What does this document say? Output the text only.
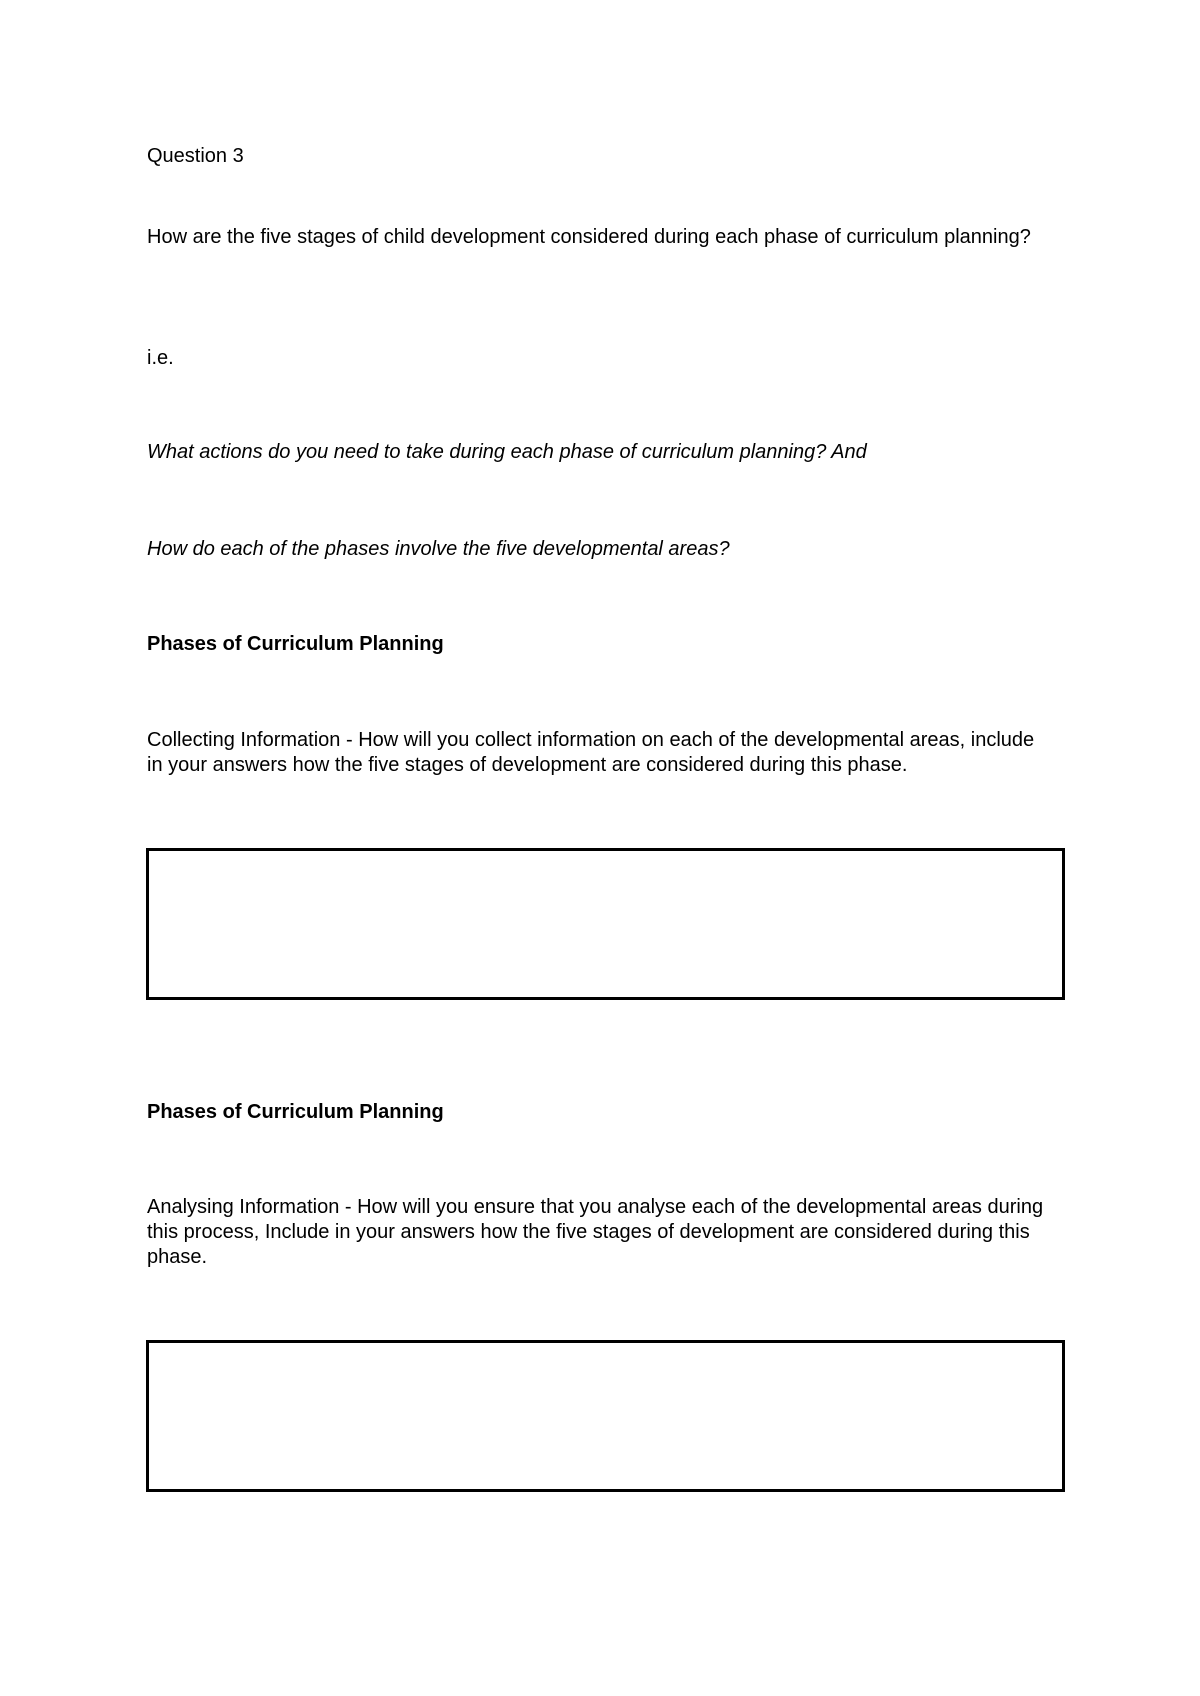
Question 3

How are the five stages of child development considered during each phase of curriculum planning?

i.e.

What actions do you need to take during each phase of curriculum planning? And

How do each of the phases involve the five developmental areas?

Phases of Curriculum Planning

Collecting Information - How will you collect information on each of the developmental areas, include in your answers how the five stages of development are considered during this phase.

Phases of Curriculum Planning

Analysing Information - How will you ensure that you analyse each of the developmental areas during this process, Include in your answers how the five stages of development are considered during this phase.
